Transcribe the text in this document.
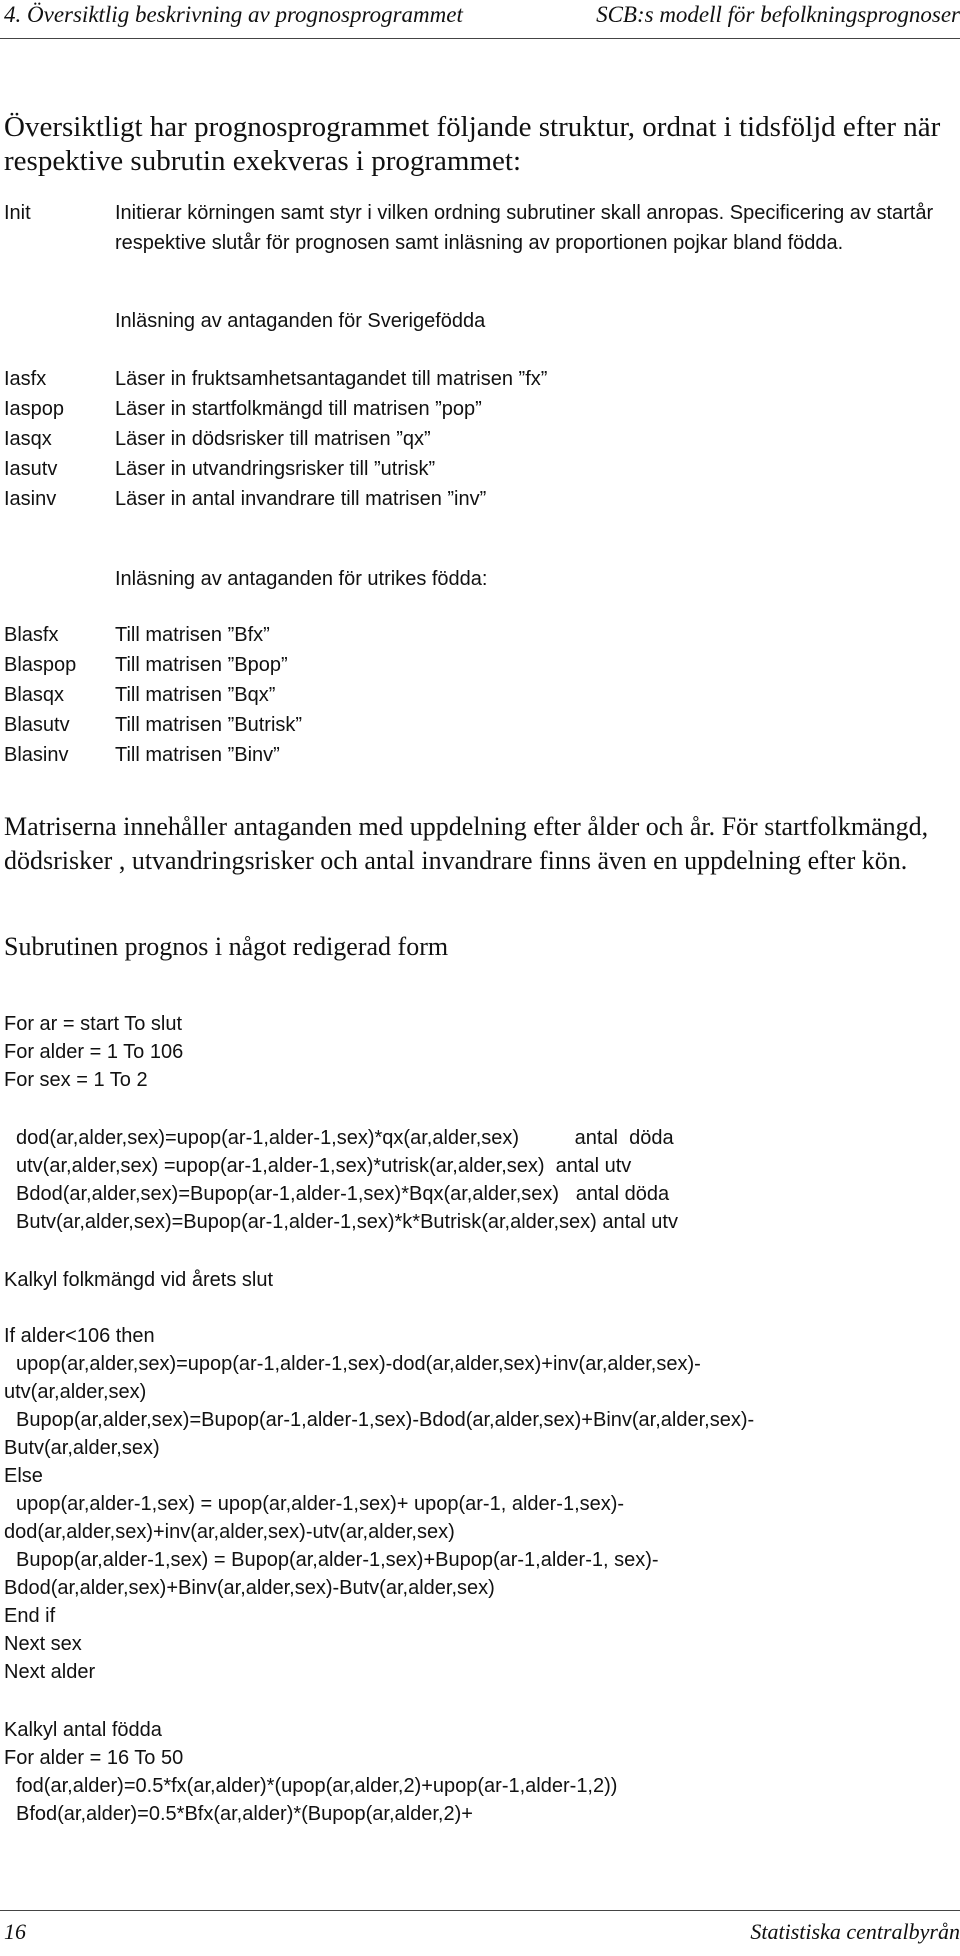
4. Översiktlig beskrivning av prognosprogrammet	SCB:s modell för befolkningsprognoser

Översiktligt har prognosprogrammet följande struktur, ordnat i tidsföljd efter när respektive subrutin exekveras i programmet:

Init	Initierar körningen samt styr i vilken ordning subrutiner skall anropas. Specificering av startår respektive slutår för prognosen samt inläsning av proportionen pojkar bland födda.
Inläsning av antaganden för Sverigefödda
Iasfx	Läser in fruktsamhetsantagandet till matrisen ”fx”
Iaspop	Läser in startfolkmängd till matrisen ”pop”
Iasqx	Läser in dödsrisker till matrisen ”qx”
Iasutv	Läser in utvandringsrisker till ”utrisk”
Iasinv	Läser in antal invandrare till matrisen ”inv”
Inläsning av antaganden för utrikes födda:
Blasfx	Till matrisen ”Bfx”
Blaspop	Till matrisen ”Bpop”
Blasqx	Till matrisen ”Bqx”
Blasutv	Till matrisen ”Butrisk”
Blasinv	Till matrisen ”Binv”

Matriserna innehåller antaganden med uppdelning efter ålder och år. För startfolkmängd, dödsrisker , utvandringsrisker och antal invandrare finns även en uppdelning efter kön.

Subrutinen prognos i något redigerad form

For ar = start To slut
For alder = 1 To 106
For sex = 1 To 2
dod(ar,alder,sex)=upop(ar-1,alder-1,sex)*qx(ar,alder,sex)          antal  döda
utv(ar,alder,sex) =upop(ar-1,alder-1,sex)*utrisk(ar,alder,sex)  antal utv
Bdod(ar,alder,sex)=Bupop(ar-1,alder-1,sex)*Bqx(ar,alder,sex)   antal döda
Butv(ar,alder,sex)=Bupop(ar-1,alder-1,sex)*k*Butrisk(ar,alder,sex) antal utv
Kalkyl folkmängd vid årets slut
If alder<106 then
upop(ar,alder,sex)=upop(ar-1,alder-1,sex)-dod(ar,alder,sex)+inv(ar,alder,sex)-
utv(ar,alder,sex)
Bupop(ar,alder,sex)=Bupop(ar-1,alder-1,sex)-Bdod(ar,alder,sex)+Binv(ar,alder,sex)-
Butv(ar,alder,sex)
Else
upop(ar,alder-1,sex) = upop(ar,alder-1,sex)+ upop(ar-1, alder-1,sex)-
dod(ar,alder,sex)+inv(ar,alder,sex)-utv(ar,alder,sex)
Bupop(ar,alder-1,sex) = Bupop(ar,alder-1,sex)+Bupop(ar-1,alder-1, sex)-
Bdod(ar,alder,sex)+Binv(ar,alder,sex)-Butv(ar,alder,sex)
End if
Next sex
Next alder
Kalkyl antal födda
For alder = 16 To 50
fod(ar,alder)=0.5*fx(ar,alder)*(upop(ar,alder,2)+upop(ar-1,alder-1,2))
Bfod(ar,alder)=0.5*Bfx(ar,alder)*(Bupop(ar,alder,2)+
16	Statistiska centralbyrån
